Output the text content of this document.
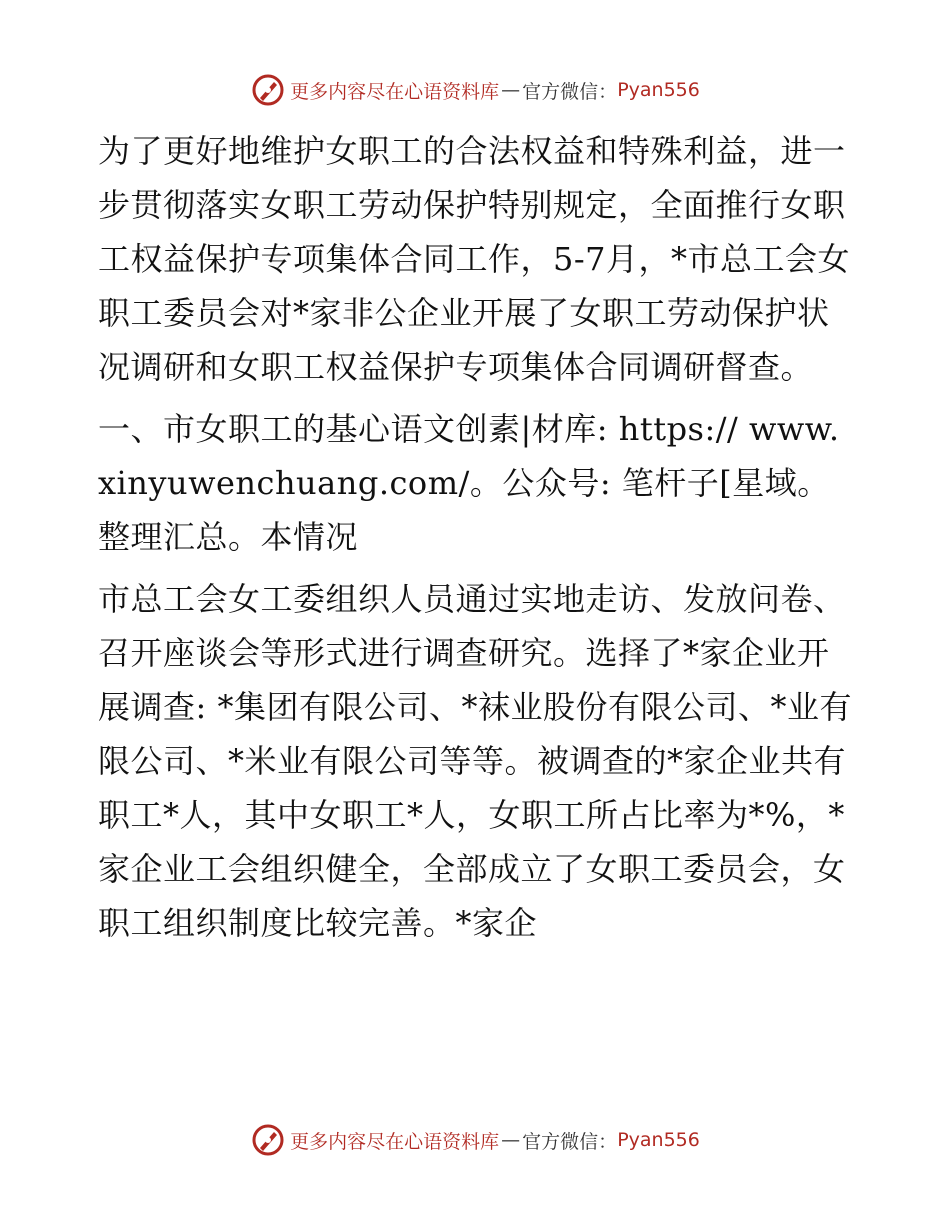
更多内容尽在心语资料库 — 官方微信： Pyan556

为了更好地维护女职工的合法权益和特殊利益，进一步贯彻落实女职工劳动保护特别规定，全面推行女职工权益保护专项集体合同工作，5-7月，*市总工会女职工委员会对*家非公企业开展了女职工劳动保护状况调研和女职工权益保护专项集体合同调研督查。

一、市女职工的基心语文创素|材库: https:// www.xinyuwenchuang.com/。公众号: 笔杆子[星域。整理汇总。本情况

市总工会女工委组织人员通过实地走访、发放问卷、召开座谈会等形式进行调查研究。选择了*家企业开展调查: *集团有限公司、*袜业股份有限公司、*业有限公司、*米业有限公司等等。被调查的*家企业共有职工*人，其中女职工*人，女职工所占比率为*%，*家企业工会组织健全，全部成立了女职工委员会，女职工组织制度比较完善。*家企

更多内容尽在心语资料库 — 官方微信： Pyan556
